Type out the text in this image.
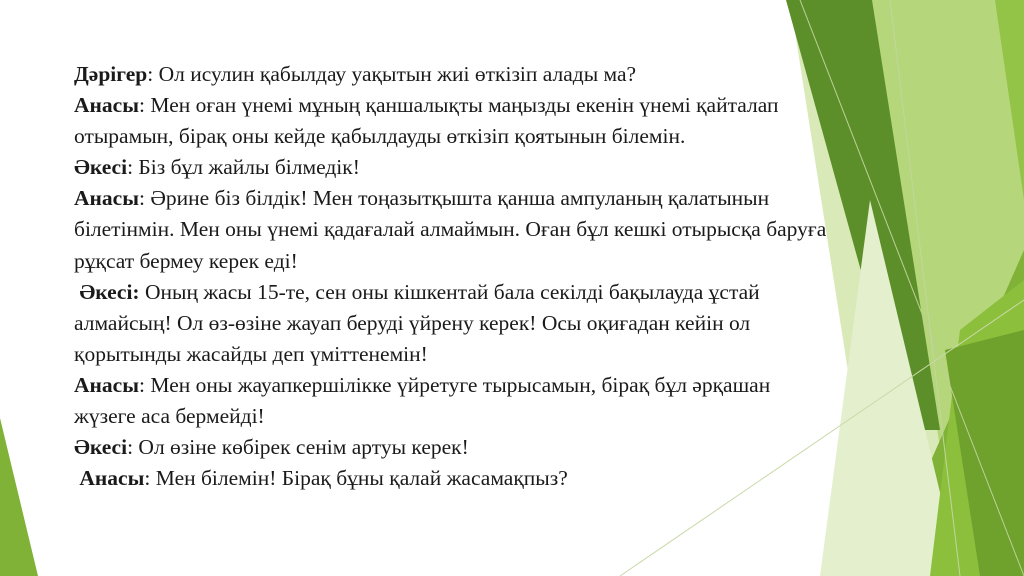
Дәрігер: Ол исулин қабылдау уақытын жиі өткізіп алады ма?

Анасы: Мен оған үнемі мұның қаншалықты маңызды екенін үнемі қайталап отырамын, бірақ оны кейде қабылдауды өткізіп қоятынын білемін.

Әкесі: Біз бұл жайлы білмедік!

Анасы: Әрине біз білдік! Мен тоңазытқышта қанша ампуланың қалатынын білетінмін. Мен оны үнемі қадағалай алмаймын. Оған бұл кешкі отырысқа баруға рұқсат бермеу керек еді!

Әкесі: Оның жасы 15-те, сен оны кішкентай бала секілді бақылауда ұстай алмайсың! Ол өз-өзіне жауап беруді үйрену керек! Осы оқиғадан кейін ол  қорытынды жасайды деп үміттенемін!

Анасы: Мен оны жауапкершілікке үйретуге тырысамын, бірақ бұл әрқашан жүзеге аса бермейді!

Әкесі: Ол өзіне көбірек сенім артуы керек!

Анасы: Мен білемін! Бірақ бұны қалай жасамақпыз?
